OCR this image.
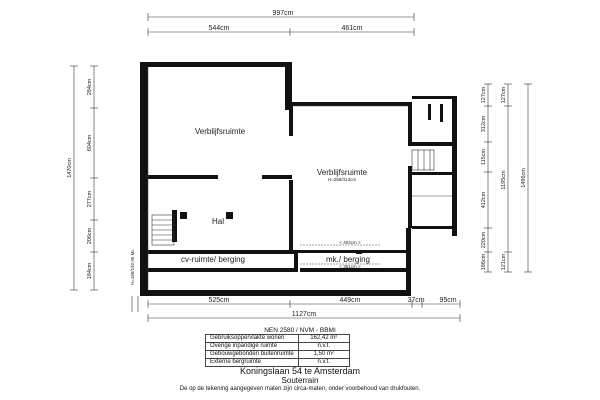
997cm
544cm	461cm
Verblijfsruimte
Verblijfsruimte
H=258/313cm
Hal
cv-ruimte/ berging	mk./ berging
< 404cm >
< 361cm >
H=186/192,95 ML
1470cm
284cm
604cm
277cm
206cm
184cm
127cm
312cm
115cm
412cm
220cm
186cm
127cm
1195cm
121cm
1496cm
525cm	449cm	37cm 95cm
1127cm
NEN 2580 / NVM - BBMI
Gebruiksoppervlakte wonen	162,42 m²
Overige inpandige ruimte	n.v.t.
Gebouwgebonden buitenruimte	1,50 m²
Externe bergruimte	n.v.t.
Koningslaan 54 te Amsterdam
Souterrain
De op de tekening aangegeven maten zijn circa-maten, onder voorbehoud van drukfouten.
